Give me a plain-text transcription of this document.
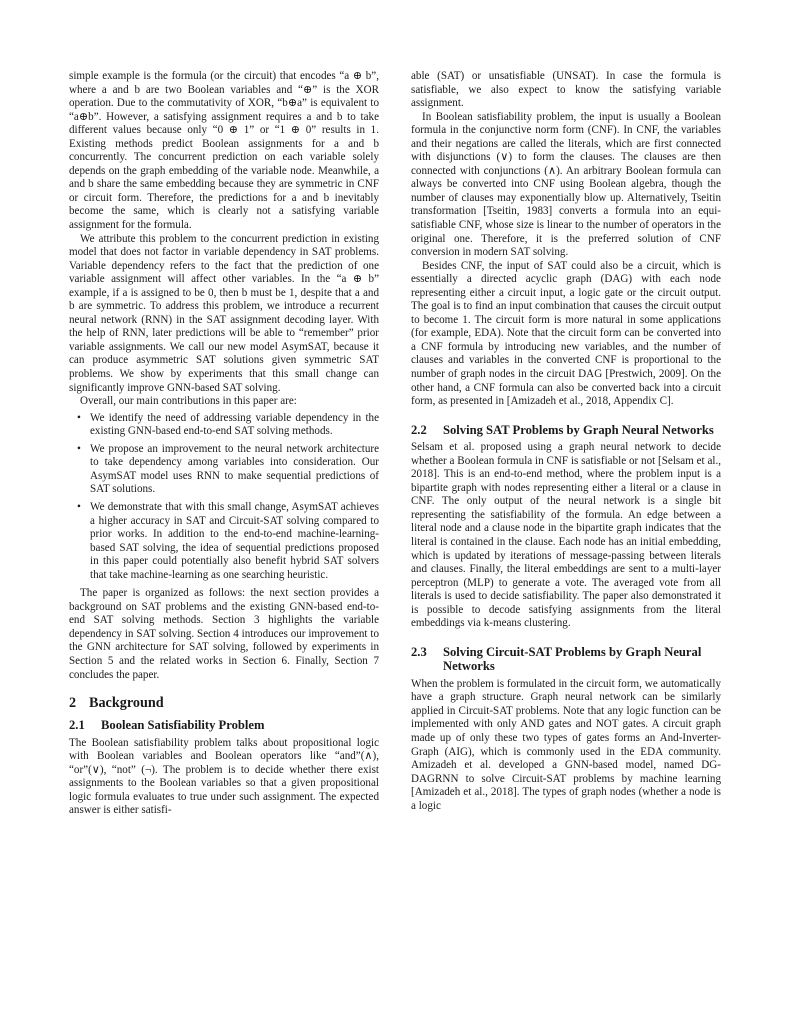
simple example is the formula (or the circuit) that encodes “a ⊕ b”, where a and b are two Boolean variables and “⊕” is the XOR operation. Due to the commutativity of XOR, “b⊕a” is equivalent to “a⊕b”. However, a satisfying assignment requires a and b to take different values because only “0 ⊕ 1” or “1 ⊕ 0” results in 1. Existing methods predict Boolean assignments for a and b concurrently. The concurrent prediction on each variable solely depends on the graph embedding of the variable node. Meanwhile, a and b share the same embedding because they are symmetric in CNF or circuit form. Therefore, the predictions for a and b inevitably become the same, which is clearly not a satisfying variable assignment for the formula.

We attribute this problem to the concurrent prediction in existing model that does not factor in variable dependency in SAT problems. Variable dependency refers to the fact that the prediction of one variable assignment will affect other variables. In the “a ⊕ b” example, if a is assigned to be 0, then b must be 1, despite that a and b are symmetric. To address this problem, we introduce a recurrent neural network (RNN) in the SAT assignment decoding layer. With the help of RNN, later predictions will be able to “remember” prior variable assignments. We call our new model AsymSAT, because it can produce asymmetric SAT solutions given symmetric SAT problems. We show by experiments that this small change can significantly improve GNN-based SAT solving.

Overall, our main contributions in this paper are:

• We identify the need of addressing variable dependency in the existing GNN-based end-to-end SAT solving methods.
• We propose an improvement to the neural network architecture to take dependency among variables into consideration. Our AsymSAT model uses RNN to make sequential predictions of SAT solutions.
• We demonstrate that with this small change, AsymSAT achieves a higher accuracy in SAT and Circuit-SAT solving compared to prior works. In addition to the end-to-end machine-learning-based SAT solving, the idea of sequential predictions proposed in this paper could potentially also benefit hybrid SAT solvers that take machine-learning as one searching heuristic.

The paper is organized as follows: the next section provides a background on SAT problems and the existing GNN-based end-to-end SAT solving methods. Section 3 highlights the variable dependency in SAT solving. Section 4 introduces our improvement to the GNN architecture for SAT solving, followed by experiments in Section 5 and the related works in Section 6. Finally, Section 7 concludes the paper.

2 Background
2.1 Boolean Satisfiability Problem

The Boolean satisfiability problem talks about propositional logic with Boolean variables and Boolean operators like “and”(∧), “or”(∨), “not” (¬). The problem is to decide whether there exist assignments to the Boolean variables so that a given propositional logic formula evaluates to true under such assignment. The expected answer is either satisfi-

able (SAT) or unsatisfiable (UNSAT). In case the formula is satisfiable, we also expect to know the satisfying variable assignment.

In Boolean satisfiability problem, the input is usually a Boolean formula in the conjunctive norm form (CNF). In CNF, the variables and their negations are called the literals, which are first connected with disjunctions (∨) to form the clauses. The clauses are then connected with conjunctions (∧). An arbitrary Boolean formula can always be converted into CNF using Boolean algebra, though the number of clauses may exponentially blow up. Alternatively, Tseitin transformation [Tseitin, 1983] converts a formula into an equi-satisfiable CNF, whose size is linear to the number of operators in the original one. Therefore, it is the preferred solution of CNF conversion in modern SAT solving.

Besides CNF, the input of SAT could also be a circuit, which is essentially a directed acyclic graph (DAG) with each node representing either a circuit input, a logic gate or the circuit output. The goal is to find an input combination that causes the circuit output to become 1. The circuit form is more natural in some applications (for example, EDA). Note that the circuit form can be converted into a CNF formula by introducing new variables, and the number of clauses and variables in the converted CNF is proportional to the number of graph nodes in the circuit DAG [Prestwich, 2009]. On the other hand, a CNF formula can also be converted back into a circuit form, as presented in [Amizadeh et al., 2018, Appendix C].

2.2 Solving SAT Problems by Graph Neural Networks

Selsam et al. proposed using a graph neural network to decide whether a Boolean formula in CNF is satisfiable or not [Selsam et al., 2018]. This is an end-to-end method, where the problem input is a bipartite graph with nodes representing either a literal or a clause in CNF. The only output of the neural network is a single bit representing the satisfiability of the formula. An edge between a literal node and a clause node in the bipartite graph indicates that the literal is contained in the clause. Each node has an initial embedding, which is updated by iterations of message-passing between literals and clauses. Finally, the literal embeddings are sent to a multi-layer perceptron (MLP) to generate a vote. The averaged vote from all literals is used to decide satisfiability. The paper also demonstrated it is possible to decode satisfying assignments from the literal embeddings via k-means clustering.

2.3 Solving Circuit-SAT Problems by Graph Neural Networks

When the problem is formulated in the circuit form, we automatically have a graph structure. Graph neural network can be similarly applied in Circuit-SAT problems. Note that any logic function can be implemented with only AND gates and NOT gates. A circuit graph made up of only these two types of gates forms an And-Inverter-Graph (AIG), which is commonly used in the EDA community. Amizadeh et al. developed a GNN-based model, named DG-DAGRNN to solve Circuit-SAT problems by machine learning [Amizadeh et al., 2018]. The types of graph nodes (whether a node is a logic
